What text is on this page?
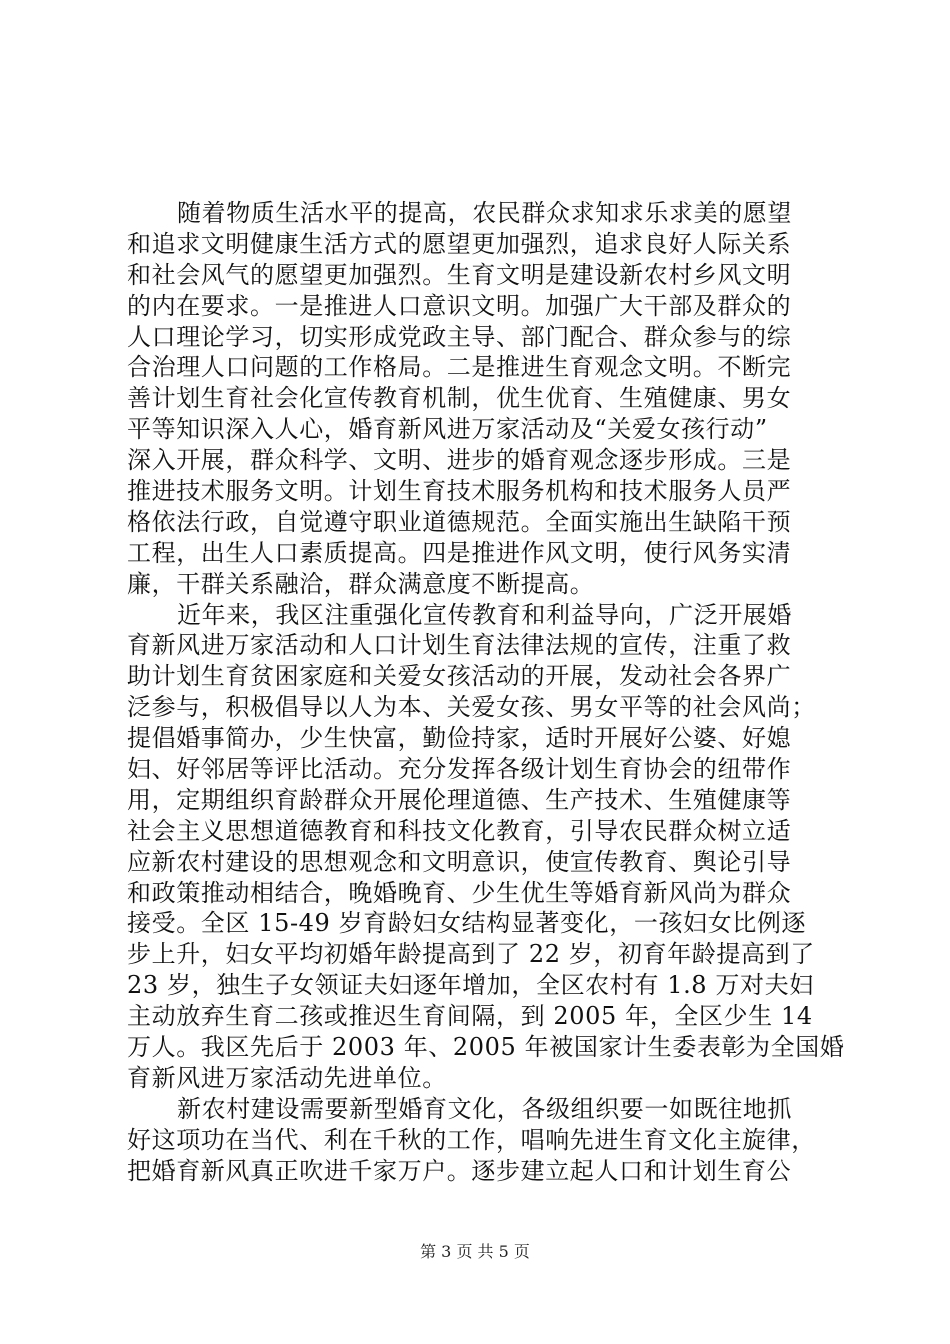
随着物质生活水平的提高，农民群众求知求乐求美的愿望
和追求文明健康生活方式的愿望更加强烈，追求良好人际关系
和社会风气的愿望更加强烈。生育文明是建设新农村乡风文明
的内在要求。一是推进人口意识文明。加强广大干部及群众的
人口理论学习，切实形成党政主导、部门配合、群众参与的综
合治理人口问题的工作格局。二是推进生育观念文明。不断完
善计划生育社会化宣传教育机制，优生优育、生殖健康、男女
平等知识深入人心，婚育新风进万家活动及“关爱女孩行动”
深入开展，群众科学、文明、进步的婚育观念逐步形成。三是
推进技术服务文明。计划生育技术服务机构和技术服务人员严
格依法行政，自觉遵守职业道德规范。全面实施出生缺陷干预
工程，出生人口素质提高。四是推进作风文明，使行风务实清
廉，干群关系融洽，群众满意度不断提高。
近年来，我区注重强化宣传教育和利益导向，广泛开展婚
育新风进万家活动和人口计划生育法律法规的宣传，注重了救
助计划生育贫困家庭和关爱女孩活动的开展，发动社会各界广
泛参与，积极倡导以人为本、关爱女孩、男女平等的社会风尚；
提倡婚事简办，少生快富，勤俭持家，适时开展好公婆、好媳
妇、好邻居等评比活动。充分发挥各级计划生育协会的纽带作
用，定期组织育龄群众开展伦理道德、生产技术、生殖健康等
社会主义思想道德教育和科技文化教育，引导农民群众树立适
应新农村建设的思想观念和文明意识，使宣传教育、舆论引导
和政策推动相结合，晚婚晚育、少生优生等婚育新风尚为群众
接受。全区 15-49 岁育龄妇女结构显著变化，一孩妇女比例逐
步上升，妇女平均初婚年龄提高到了 22 岁，初育年龄提高到了
23 岁，独生子女领证夫妇逐年增加，全区农村有 1.8 万对夫妇
主动放弃生育二孩或推迟生育间隔，到 2005 年，全区少生 14
万人。我区先后于 2003 年、2005 年被国家计生委表彰为全国婚
育新风进万家活动先进单位。
新农村建设需要新型婚育文化，各级组织要一如既往地抓
好这项功在当代、利在千秋的工作，唱响先进生育文化主旋律，
把婚育新风真正吹进千家万户。逐步建立起人口和计划生育公
第 3 页 共 5 页
